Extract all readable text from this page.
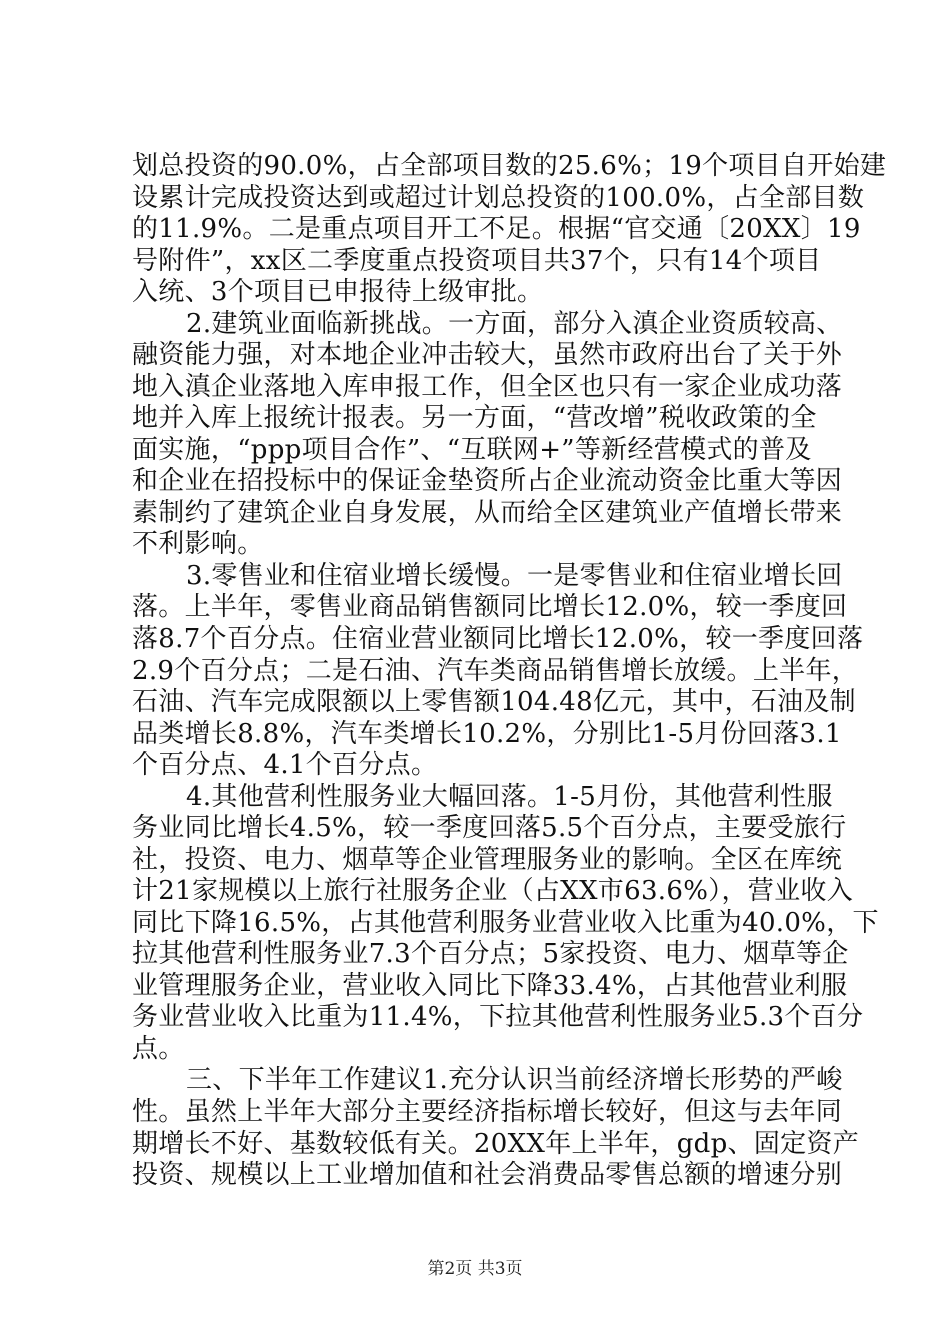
划总投资的90.0%，占全部项目数的25.6%；19个项目自开始建
设累计完成投资达到或超过计划总投资的100.0%，占全部目数
的11.9%。二是重点项目开工不足。根据“官交通〔20XX〕19
号附件”，xx区二季度重点投资项目共37个，只有14个项目
入统、3个项目已申报待上级审批。
2.建筑业面临新挑战。一方面，部分入滇企业资质较高、
融资能力强，对本地企业冲击较大，虽然市政府出台了关于外
地入滇企业落地入库申报工作，但全区也只有一家企业成功落
地并入库上报统计报表。另一方面，“营改增”税收政策的全
面实施，“ppp项目合作”、“互联网+”等新经营模式的普及
和企业在招投标中的保证金垫资所占企业流动资金比重大等因
素制约了建筑企业自身发展，从而给全区建筑业产值增长带来
不利影响。
3.零售业和住宿业增长缓慢。一是零售业和住宿业增长回
落。上半年，零售业商品销售额同比增长12.0%，较一季度回
落8.7个百分点。住宿业营业额同比增长12.0%，较一季度回落
2.9个百分点；二是石油、汽车类商品销售增长放缓。上半年，
石油、汽车完成限额以上零售额104.48亿元，其中，石油及制
品类增长8.8%，汽车类增长10.2%，分别比1-5月份回落3.1
个百分点、4.1个百分点。
4.其他营利性服务业大幅回落。1-5月份，其他营利性服
务业同比增长4.5%，较一季度回落5.5个百分点，主要受旅行
社，投资、电力、烟草等企业管理服务业的影响。全区在库统
计21家规模以上旅行社服务企业（占XX市63.6%），营业收入
同比下降16.5%，占其他营利服务业营业收入比重为40.0%，下
拉其他营利性服务业7.3个百分点；5家投资、电力、烟草等企
业管理服务企业，营业收入同比下降33.4%，占其他营业利服
务业营业收入比重为11.4%，下拉其他营利性服务业5.3个百分
点。
三、下半年工作建议1.充分认识当前经济增长形势的严峻
性。虽然上半年大部分主要经济指标增长较好，但这与去年同
期增长不好、基数较低有关。20XX年上半年，gdp、固定资产
投资、规模以上工业增加值和社会消费品零售总额的增速分别
第2页 共3页
